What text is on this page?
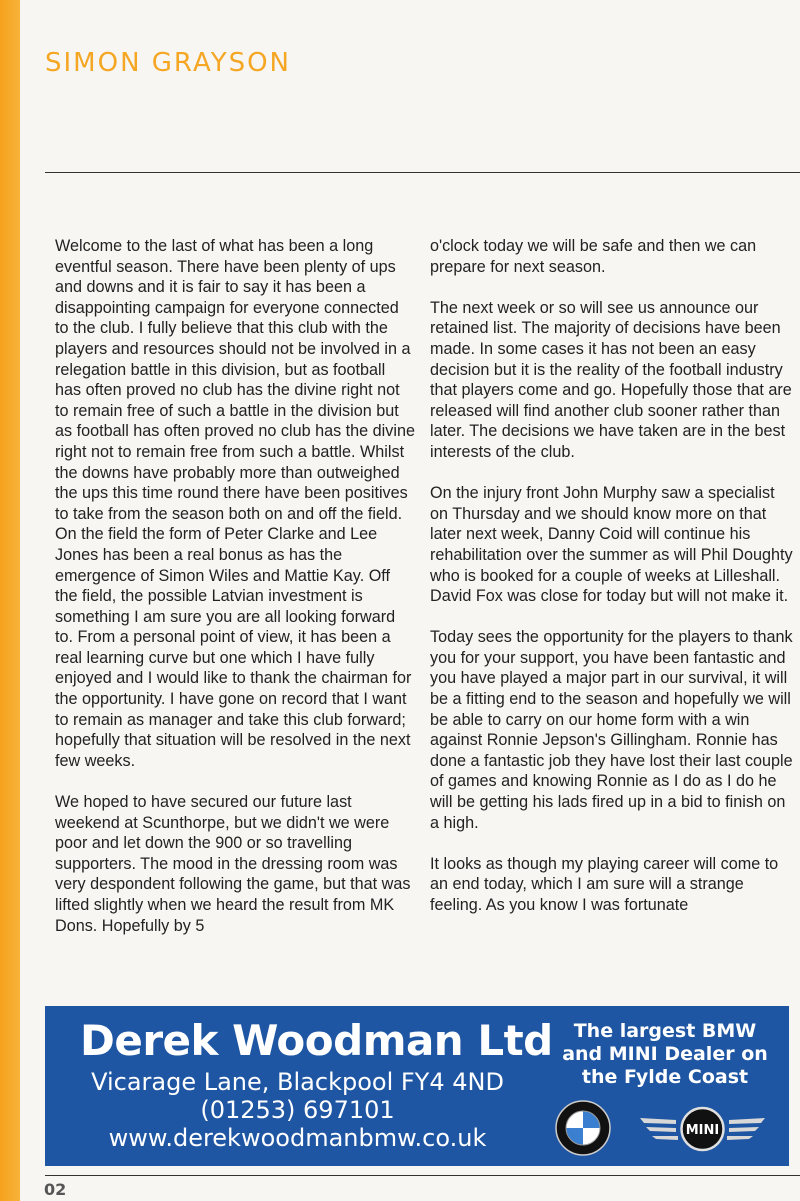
SIMON GRAYSON

Welcome to the last of what has been a long eventful season. There have been plenty of ups and downs and it is fair to say it has been a disappointing campaign for everyone connected to the club. I fully believe that this club with the players and resources should not be involved in a relegation battle in this division, but as football has often proved no club has the divine right not to remain free of such a battle in the division but as football has often proved no club has the divine right not to remain free from such a battle. Whilst the downs have probably more than outweighed the ups this time round there have been positives to take from the season both on and off the field. On the field the form of Peter Clarke and Lee Jones has been a real bonus as has the emergence of Simon Wiles and Mattie Kay. Off the field, the possible Latvian investment is something I am sure you are all looking forward to. From a personal point of view, it has been a real learning curve but one which I have fully enjoyed and I would like to thank the chairman for the opportunity. I have gone on record that I want to remain as manager and take this club forward; hopefully that situation will be resolved in the next few weeks.

We hoped to have secured our future last weekend at Scunthorpe, but we didn't we were poor and let down the 900 or so travelling supporters. The mood in the dressing room was very despondent following the game, but that was lifted slightly when we heard the result from MK Dons. Hopefully by 5

o'clock today we will be safe and then we can prepare for next season.

The next week or so will see us announce our retained list. The majority of decisions have been made. In some cases it has not been an easy decision but it is the reality of the football industry that players come and go. Hopefully those that are released will find another club sooner rather than later. The decisions we have taken are in the best interests of the club.

On the injury front John Murphy saw a specialist on Thursday and we should know more on that later next week, Danny Coid will continue his rehabilitation over the summer as will Phil Doughty who is booked for a couple of weeks at Lilleshall. David Fox was close for today but will not make it.

Today sees the opportunity for the players to thank you for your support, you have been fantastic and you have played a major part in our survival, it will be a fitting end to the season and hopefully we will be able to carry on our home form with a win against Ronnie Jepson's Gillingham. Ronnie has done a fantastic job they have lost their last couple of games and knowing Ronnie as I do as I do he will be getting his lads fired up in a bid to finish on a high.

It looks as though my playing career will come to an end today, which I am sure will a strange feeling. As you know I was fortunate

Derek Woodman Ltd
Vicarage Lane, Blackpool FY4 4ND
(01253) 697101
www.derekwoodmanbmw.co.uk
The largest BMW and MINI Dealer on the Fylde Coast
MINI
02
